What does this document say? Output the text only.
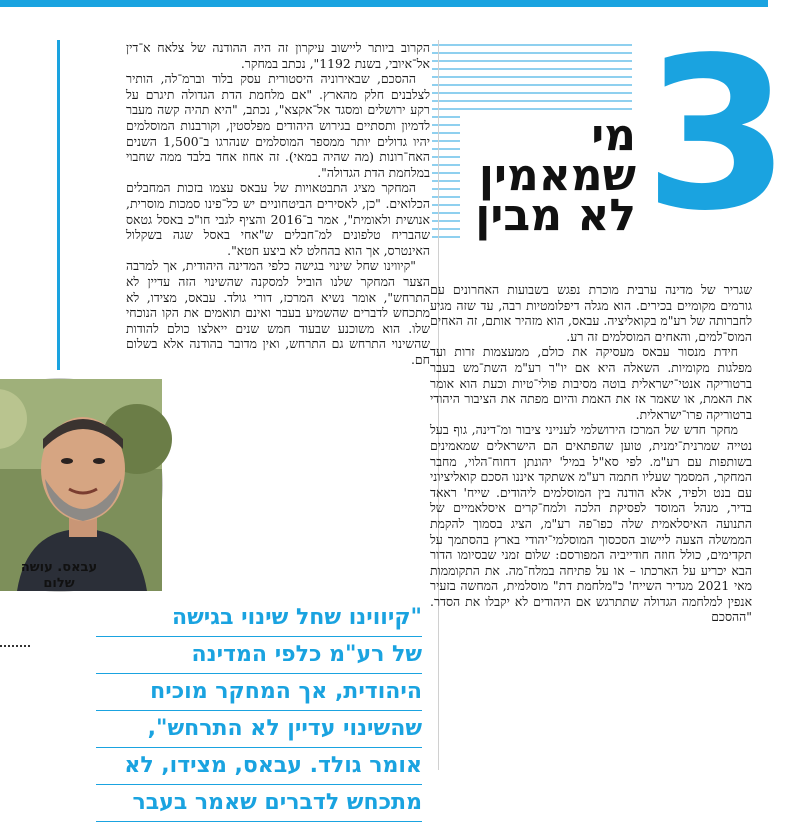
3
מי
שמאמין
לא מבין

שגריר של מדינה ערבית מוכרת נפגש בשבועות האחרונים עם גורמים מקומיים בכירים. הוא מגלה דיפלומטיות רבה, עד שזה מגיע לחברותה של רע"מ בקואליציה. עבאס, הוא מזהיר אותם, זה האחים המוס־למים, והאחים המוסלמים זה רע.

חידת מנסור עבאס מעסיקה את כולם, ממעצמות זרות ועד מפלגות מקומיות. השאלה היא אם יו"ר רע"מ השת־מש בעבר ברטוריקה אנטי־ישראלית בוטה מסיבות פולי־טיות וכעת הוא אומר את האמת, או שאמר אז את האמת והיום מפתה את הציבור היהודי ברטוריקה פרו־ישראלית.

מחקר חדש של המרכז הירושלמי לענייני ציבור ומ־דינה, גוף בעל נטייה שמרנית־ימנית, טוען שהפתאים הם הישראלים שמאמינים בשותפות עם רע"מ. לפי סא"ל במיל' יהונתן דחוח־הלוי, מחבר המחקר, המסמך שעליו חתמה רע"מ אשתקד איננו הסכם קואליציוני עם בנט ולפיד, אלא הודנה בין המוסלמים ליהודים. שייח' ראאד בדיר, מנהל המוסד לפסיקת הלכה ולמח־קרים איסלאמיים של התנועה האיסלאמית שלה כפו־פה רע"מ, הציג בסמוך להקמת הממשלה הצעה ליישוב הסכסוך המוסלמי־יהודי בארץ בהסתמך על תקדימים, כולל חוזה חודייביה המפורסם: שלום זמני שבסיומו הדור הבא יכריע על הארכתו – או על פתיחה במלח־מה. את התקוממות מאי 2021 מגדיר השייח' כ"מלחמת דת" מוסלמית, המחשה בזעיר אנפין למלחמה הגדולה שתתרגש אם היהודים לא יקבלו את הסדר. "ההסכם

הקרוב ביותר ליישוב עיקרון זה היה ההודנה של צלאח א־דין אל־איובי, בשנת 1192", נכתב במחקר.

ההסכם, שבאירוניה היסטורית עסק בלוד וברמ־לה, הותיר לצלבנים חלק מהארץ. "אם מלחמת הדת הגדולה תיגרם על רקע ירושלים ומסגד אל־אקצא", נכתב, "היא תהיה קשה מעבר לדמיון ותסתיים בגירוש היהודים מפלסטין, וקורבנות המוסלמים יהיו גדולים יותר ממספר המוסלמים שנהרגו ב־1,500 השנים האח־רונות (מה שהיה במאי). זה אחוז אחד בלבד ממה שחבוי במלחמת הדת הגדולה".

המחקר מציג התבטאויות של עבאס עצמו בזכות המחבלים הכלואים. "כן, לאסירים הביטחוניים יש כל־פינו סמכות מוסרית, אנושית ולאומית", אמר ב־2016 והציף לגבי חו"כ באסל גטאס שהבריח טלפונים למ־חבלים ש"אחי באסל שגה בשקלול האינטרס, אך הוא בהחלט לא ביצע חטא".

"קיווינו שחל שינוי בגישה כלפי המדינה היהודית, אך למרבה הצער המחקר שלנו הוביל למסקנה שהשינוי הזה עדיין לא התרחש", אומר נשיא המרכז, דורי גולד. עבאס, מצידו, לא מתכחש לדברים שהשמיע בעבר ואינם תואמים את הקו הנוכחי שלו. הוא משוכנע שבעוד חמש שנים ייאלצו כולם להודות שהשינוי התרחש גם התרחש, ואין מדובר בהודנה אלא בשלום חם.

עבאס. עושה
שלום
"קיווינו שחל שינוי בגישה
של רע"מ כלפי המדינה
היהודית, אך המחקר מוכיח
שהשינוי עדיין לא התרחש",
אומר גולד. עבאס, מצידו, לא
מתכחש לדברים שאמר בעבר
